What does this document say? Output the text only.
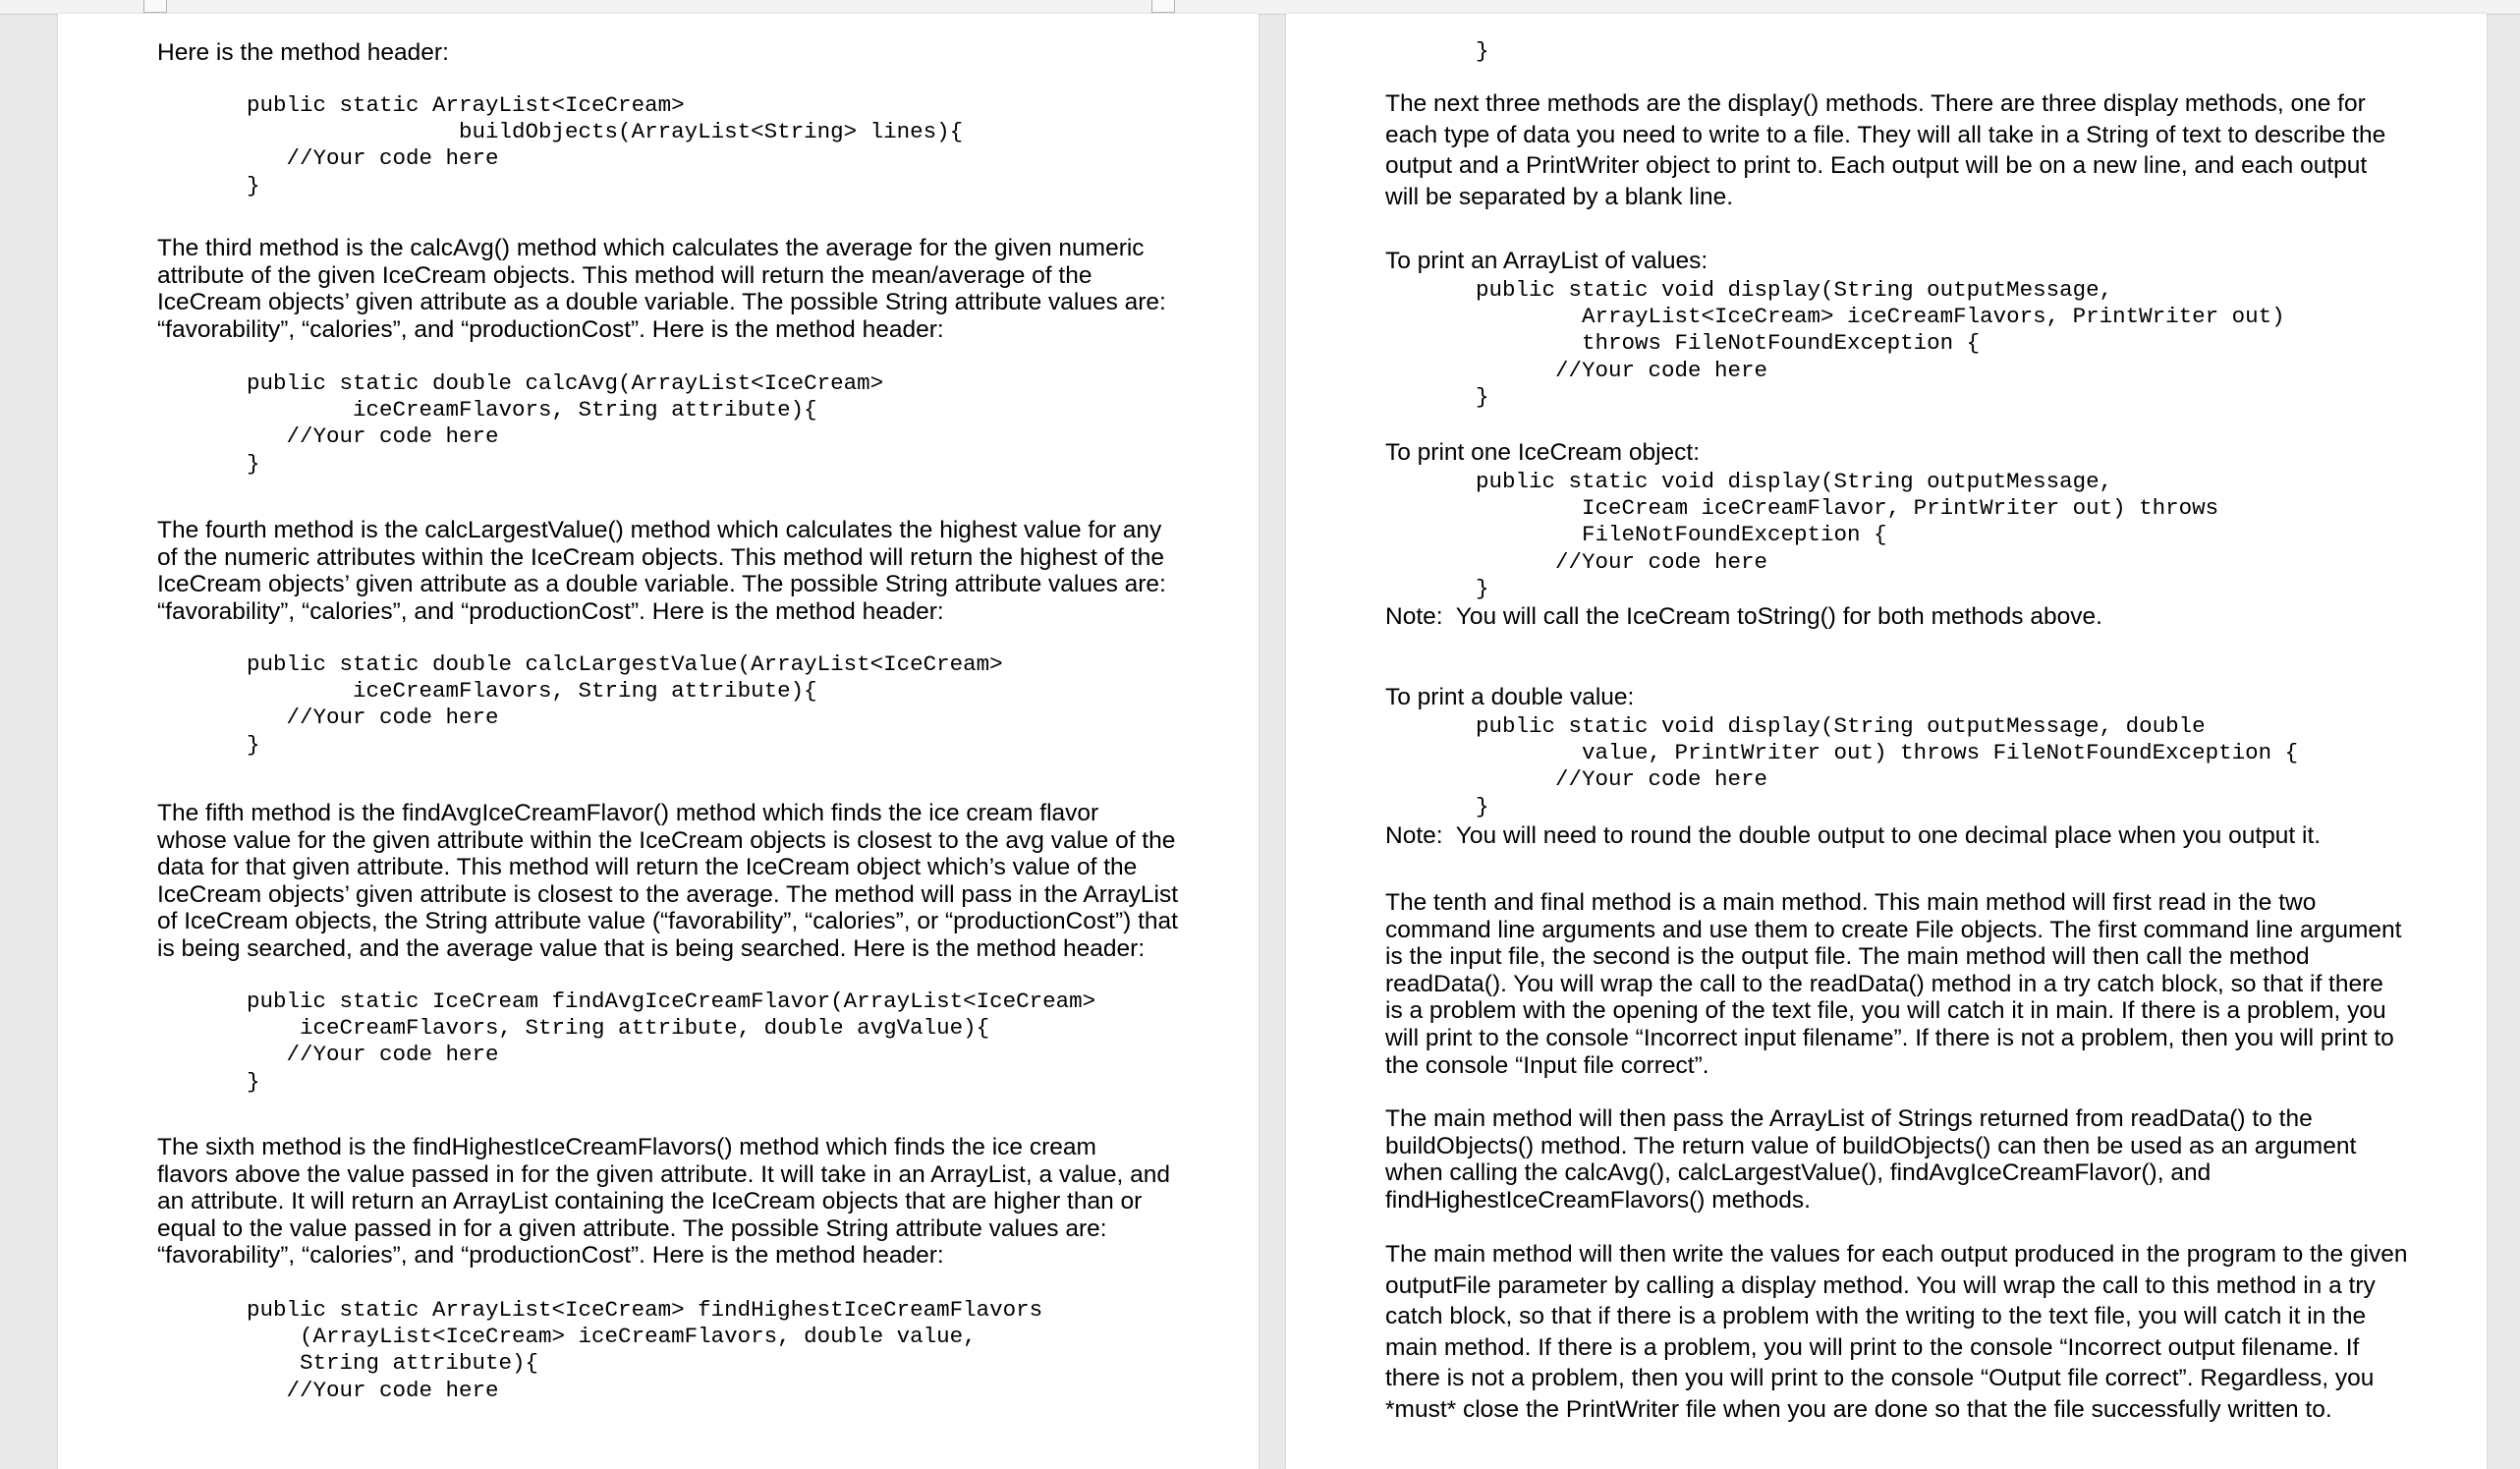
Here is the method header:

public static ArrayList<IceCream>
buildObjects(ArrayList<String> lines){
//Your code here
}

The third method is the calcAvg() method which calculates the average for the given numeric
attribute of the given IceCream objects. This method will return the mean/average of the
IceCream objects’ given attribute as a double variable. The possible String attribute values are:
“favorability”, “calories”, and “productionCost”. Here is the method header:

public static double calcAvg(ArrayList<IceCream>
iceCreamFlavors, String attribute){
//Your code here
}

The fourth method is the calcLargestValue() method which calculates the highest value for any
of the numeric attributes within the IceCream objects. This method will return the highest of the
IceCream objects’ given attribute as a double variable. The possible String attribute values are:
“favorability”, “calories”, and “productionCost”. Here is the method header:

public static double calcLargestValue(ArrayList<IceCream>
iceCreamFlavors, String attribute){
//Your code here
}

The fifth method is the findAvgIceCreamFlavor() method which finds the ice cream flavor
whose value for the given attribute within the IceCream objects is closest to the avg value of the
data for that given attribute. This method will return the IceCream object which’s value of the
IceCream objects’ given attribute is closest to the average. The method will pass in the ArrayList
of IceCream objects, the String attribute value (“favorability”, “calories”, or “productionCost”) that
is being searched, and the average value that is being searched. Here is the method header:

public static IceCream findAvgIceCreamFlavor(ArrayList<IceCream>
iceCreamFlavors, String attribute, double avgValue){
//Your code here
}

The sixth method is the findHighestIceCreamFlavors() method which finds the ice cream
flavors above the value passed in for the given attribute. It will take in an ArrayList, a value, and
an attribute. It will return an ArrayList containing the IceCream objects that are higher than or
equal to the value passed in for a given attribute. The possible String attribute values are:
“favorability”, “calories”, and “productionCost”. Here is the method header:

public static ArrayList<IceCream> findHighestIceCreamFlavors
(ArrayList<IceCream> iceCreamFlavors, double value,
String attribute){
//Your code here
}

The next three methods are the display() methods. There are three display methods, one for
each type of data you need to write to a file. They will all take in a String of text to describe the
output and a PrintWriter object to print to. Each output will be on a new line, and each output
will be separated by a blank line.

To print an ArrayList of values:

public static void display(String outputMessage,
ArrayList<IceCream> iceCreamFlavors, PrintWriter out)
throws FileNotFoundException {
//Your code here
}

To print one IceCream object:

public static void display(String outputMessage,
IceCream iceCreamFlavor, PrintWriter out) throws
FileNotFoundException {
//Your code here
}

Note:  You will call the IceCream toString() for both methods above.

To print a double value:

public static void display(String outputMessage, double
value, PrintWriter out) throws FileNotFoundException {
//Your code here
}

Note:  You will need to round the double output to one decimal place when you output it.

The tenth and final method is a main method. This main method will first read in the two
command line arguments and use them to create File objects. The first command line argument
is the input file, the second is the output file. The main method will then call the method
readData(). You will wrap the call to the readData() method in a try catch block, so that if there
is a problem with the opening of the text file, you will catch it in main. If there is a problem, you
will print to the console “Incorrect input filename”. If there is not a problem, then you will print to
the console “Input file correct”.

The main method will then pass the ArrayList of Strings returned from readData() to the
buildObjects() method. The return value of buildObjects() can then be used as an argument
when calling the calcAvg(), calcLargestValue(), findAvgIceCreamFlavor(), and
findHighestIceCreamFlavors() methods.

The main method will then write the values for each output produced in the program to the given
outputFile parameter by calling a display method. You will wrap the call to this method in a try
catch block, so that if there is a problem with the writing to the text file, you will catch it in the
main method. If there is a problem, you will print to the console “Incorrect output filename. If
there is not a problem, then you will print to the console “Output file correct”. Regardless, you
*must* close the PrintWriter file when you are done so that the file successfully written to.
